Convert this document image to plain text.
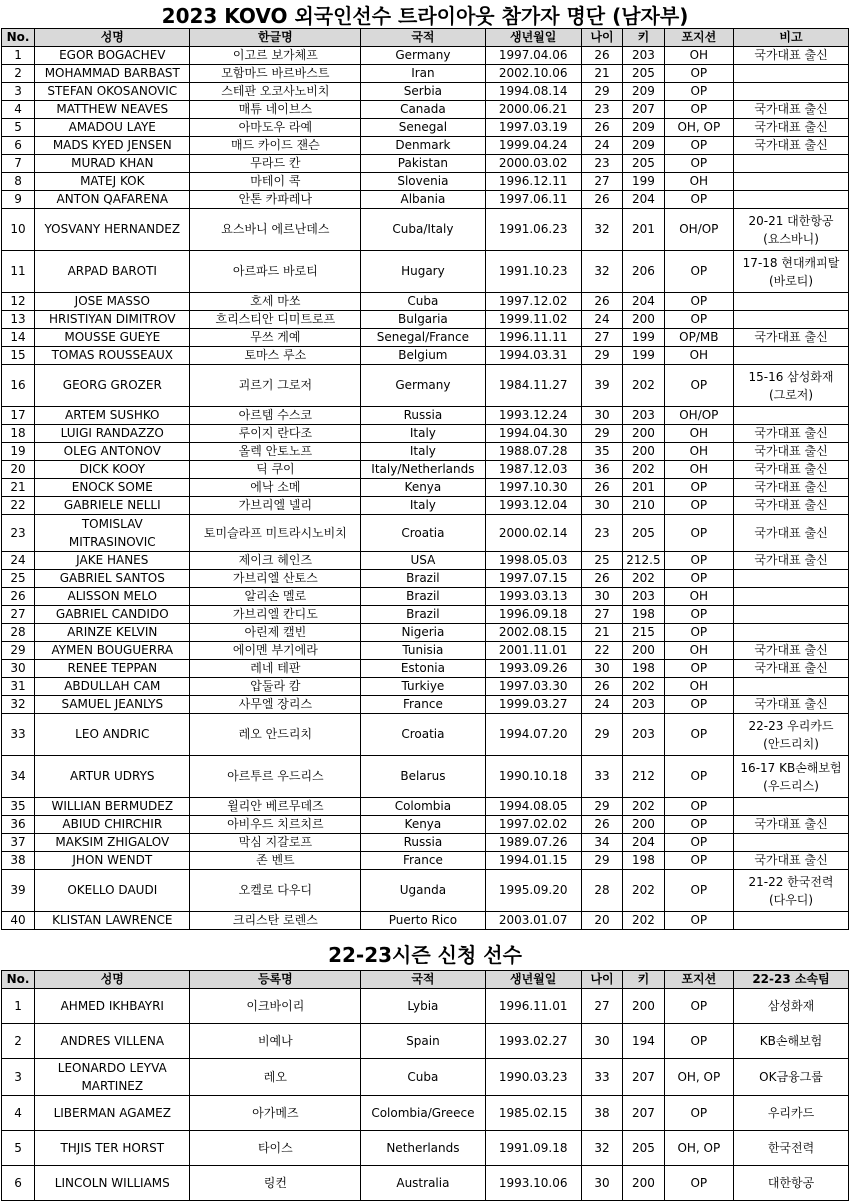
2023 KOVO 외국인선수 트라이아웃 참가자 명단 (남자부)
No.	성명	한글명	국적	생년월일	나이	키	포지션	비고
1	EGOR BOGACHEV	이고르 보가체프	Germany	1997.04.06	26	203	OH	국가대표 출신
2	MOHAMMAD BARBAST	모함마드 바르바스트	Iran	2002.10.06	21	205	OP	
3	STEFAN OKOSANOVIC	스테판 오코사노비치	Serbia	1994.08.14	29	209	OP	
4	MATTHEW NEAVES	매튜 네이브스	Canada	2000.06.21	23	207	OP	국가대표 출신
5	AMADOU LAYE	아마도우 라예	Senegal	1997.03.19	26	209	OH, OP	국가대표 출신
6	MADS KYED JENSEN	매드 카이드 잰슨	Denmark	1999.04.24	24	209	OP	국가대표 출신
7	MURAD KHAN	무라드 칸	Pakistan	2000.03.02	23	205	OP	
8	MATEJ KOK	마테이 콕	Slovenia	1996.12.11	27	199	OH	
9	ANTON QAFARENA	안톤 카파레나	Albania	1997.06.11	26	204	OP	
10	YOSVANY HERNANDEZ	요스바니 에르난데스	Cuba/Italy	1991.06.23	32	201	OH/OP	20-21 대한항공
(요스바니)
11	ARPAD BAROTI	아르파드 바로티	Hugary	1991.10.23	32	206	OP	17-18 현대캐피탈
(바로티)
12	JOSE MASSO	호세 마쏘	Cuba	1997.12.02	26	204	OP	
13	HRISTIYAN DIMITROV	흐리스티안 디미트로프	Bulgaria	1999.11.02	24	200	OP	
14	MOUSSE GUEYE	무쓰 게예	Senegal/France	1996.11.11	27	199	OP/MB	국가대표 출신
15	TOMAS ROUSSEAUX	토마스 루소	Belgium	1994.03.31	29	199	OH	
16	GEORG GROZER	괴르기 그로저	Germany	1984.11.27	39	202	OP	15-16 삼성화재
(그로저)
17	ARTEM SUSHKO	아르템 수스코	Russia	1993.12.24	30	203	OH/OP	
18	LUIGI RANDAZZO	루이지 란다조	Italy	1994.04.30	29	200	OH	국가대표 출신
19	OLEG ANTONOV	올렉 안토노프	Italy	1988.07.28	35	200	OH	국가대표 출신
20	DICK KOOY	딕 쿠이	Italy/Netherlands	1987.12.03	36	202	OH	국가대표 출신
21	ENOCK SOME	에낙 소메	Kenya	1997.10.30	26	201	OP	국가대표 출신
22	GABRIELE NELLI	가브리엘 넬리	Italy	1993.12.04	30	210	OP	국가대표 출신
23	TOMISLAV
MITRASINOVIC	토미슬라프 미트라시노비치	Croatia	2000.02.14	23	205	OP	국가대표 출신
24	JAKE HANES	제이크 헤인즈	USA	1998.05.03	25	212.5	OP	국가대표 출신
25	GABRIEL SANTOS	가브리엘 산토스	Brazil	1997.07.15	26	202	OP	
26	ALISSON MELO	알리손 멜로	Brazil	1993.03.13	30	203	OH	
27	GABRIEL CANDIDO	가브리엘 칸디도	Brazil	1996.09.18	27	198	OP	
28	ARINZE KELVIN	아린제 캘빈	Nigeria	2002.08.15	21	215	OP	
29	AYMEN BOUGUERRA	에이멘 부기에라	Tunisia	2001.11.01	22	200	OH	국가대표 출신
30	RENEE TEPPAN	레네 테판	Estonia	1993.09.26	30	198	OP	국가대표 출신
31	ABDULLAH CAM	압둘라 캄	Turkiye	1997.03.30	26	202	OH	
32	SAMUEL JEANLYS	사무엘 장리스	France	1999.03.27	24	203	OP	국가대표 출신
33	LEO ANDRIC	레오 안드리치	Croatia	1994.07.20	29	203	OP	22-23 우리카드
(안드리치)
34	ARTUR UDRYS	아르투르 우드리스	Belarus	1990.10.18	33	212	OP	16-17 KB손해보험
(우드리스)
35	WILLIAN BERMUDEZ	윌리안 베르무데즈	Colombia	1994.08.05	29	202	OP	
36	ABIUD CHIRCHIR	아비우드 치르치르	Kenya	1997.02.02	26	200	OP	국가대표 출신
37	MAKSIM ZHIGALOV	막심 지갈로프	Russia	1989.07.26	34	204	OP	
38	JHON WENDT	존 벤트	France	1994.01.15	29	198	OP	국가대표 출신
39	OKELLO DAUDI	오켈로 다우디	Uganda	1995.09.20	28	202	OP	21-22 한국전력
(다우디)
40	KLISTAN LAWRENCE	크리스탄 로렌스	Puerto Rico	2003.01.07	20	202	OP	
22-23시즌 신청 선수
No.	성명	등록명	국적	생년월일	나이	키	포지션	22-23 소속팀
1	AHMED IKHBAYRI	이크바이리	Lybia	1996.11.01	27	200	OP	삼성화재
2	ANDRES VILLENA	비예나	Spain	1993.02.27	30	194	OP	KB손해보험
3	LEONARDO LEYVA
MARTINEZ	레오	Cuba	1990.03.23	33	207	OH, OP	OK금융그룹
4	LIBERMAN AGAMEZ	아가메즈	Colombia/Greece	1985.02.15	38	207	OP	우리카드
5	THJIS TER HORST	타이스	Netherlands	1991.09.18	32	205	OH, OP	한국전력
6	LINCOLN WILLIAMS	링컨	Australia	1993.10.06	30	200	OP	대한항공
